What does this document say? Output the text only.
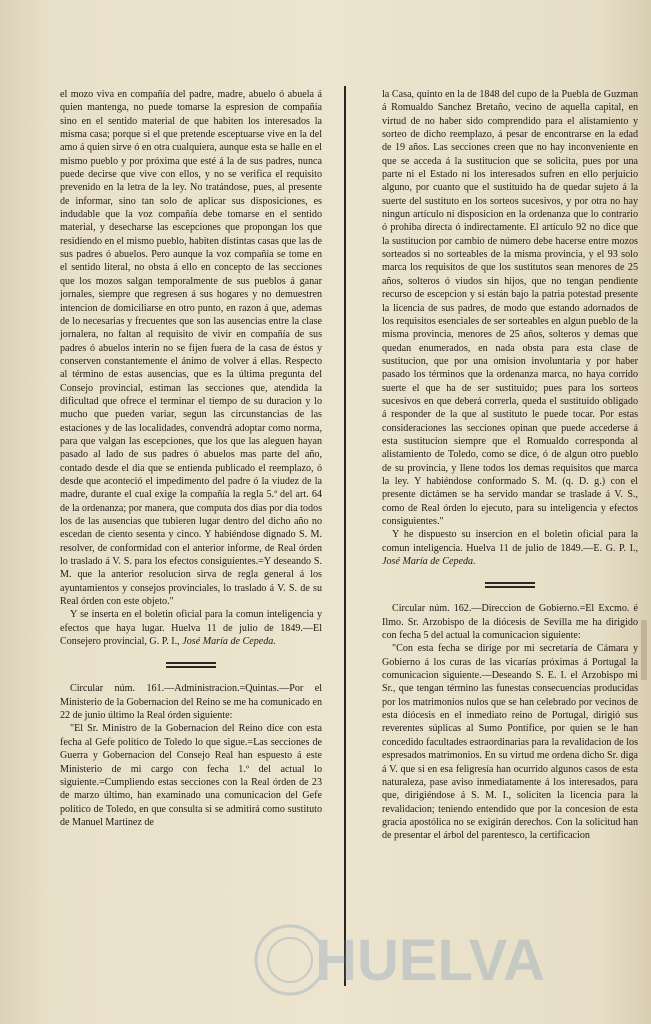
el mozo viva en compañía del padre, madre, abuelo ó abuela á quien mantenga, no puede tomarse la espresion de compañía sino en el sentido material de que habiten los interesados la misma casa; porque si el que pretende esceptuarse vive en la del amo á quien sirve ó en otra cualquiera, aunque esta se halle en el mismo pueblo y por próxima que esté á la de sus padres, nunca puede decirse que vive con ellos, y no se verifica el requisito prevenido en la letra de la ley. No tratándose, pues, al presente de informar, sino tan solo de aplicar sus disposiciones, es indudable que la voz compañía debe tomarse en el sentido material, y desecharse las escepciones que propongan los que residiendo en el mismo pueblo, habiten distintas casas que las de sus padres ó abuelos. Pero aunque la voz compañía se tome en el sentido literal, no obsta á ello en concepto de las secciones que los mozos salgan temporalmente de sus pueblos á ganar jornales, siempre que regresen á sus hogares y no demuestren intencion de domiciliarse en otro punto, en razon á que, ademas de lo necesarias y frecuentes que son las ausencias entre la clase jornalera, no faltan al requisito de vivir en compañía de sus padres ó abuelos interin no se fijen fuera de la casa de éstos y conserven constantemente el ánimo de volver á ellas. Respecto al término de estas ausencias, que es la última pregunta del Consejo provincial, estiman las secciones que, atendida la dificultad que ofrece el terminar el tiempo de su duracion y lo mucho que pueden variar, segun las circunstancias de las estaciones y de las localidades, convendrá adoptar como norma, para que valgan las escepciones, que los que las aleguen hayan pasado al lado de sus padres ó abuelos mas parte del año, contado desde el dia que se entienda publicado el reemplazo, ó desde que aconteció el impedimento del padre ó la viudez de la madre, durante el cual exige la compañía la regla 5.ª del art. 64 de la ordenanza; por manera, que computa dos dias por dia todos los de las ausencias que tubieren lugar dentro del dicho año no escedan de ciento sesenta y cinco. Y habiéndose dignado S. M. resolver, de conformidad con el anterior informe, de Real órden lo traslado á V. S. para los efectos consiguientes.=Y deseando S. M. que la anterior resolucion sirva de regla general á los ayuntamientos y consejos provinciales, lo traslado á V. S. de su Real órden con este objeto."

Y se inserta en el boletin oficial para la comun inteligencia y efectos que haya lugar. Huelva 11 de julio de 1849.—El Consejero provincial, G. P. I., José María de Cepeda.

Circular núm. 161.—Administracion.=Quintas.—Por el Ministerio de la Gobernacion del Reino se me ha comunicado en 22 de junio último la Real órden siguiente:

"El Sr. Ministro de la Gobernacion del Reino dice con esta fecha al Gefe político de Toledo lo que sigue.=Las secciones de Guerra y Gobernacion del Consejo Real han espuesto á este Ministerio de mi cargo con fecha 1.º del actual lo siguiente.=Cumpliendo estas secciones con la Real órden de 23 de marzo último, han examinado una comunicacion del Gefe político de Toledo, en que consulta si se admitirá como sustituto de Manuel Martinez de

la Casa, quinto en la de 1848 del cupo de la Puebla de Guzman á Romualdo Sanchez Bretaño, vecino de aquella capital, en virtud de no haber sido comprendido para el alistamiento y sorteo de dicho reemplazo, á pesar de encontrarse en la edad de 19 años. Las secciones creen que no hay inconveniente en que se acceda á la sustitucion que se solicita, pues por una parte ni el Estado ni los interesados sufren en ello perjuicio alguno, por cuanto que el sustituido ha de quedar sujeto á la suerte del sustituto en los sorteos sucesivos, y por otra no hay ningun artículo ni disposicion en la ordenanza que lo contrario ó prohiba directa ó indirectamente. El artículo 92 no dice que la sustitucion por cambio de número debe hacerse entre mozos sorteados si no sorteables de la misma provincia, y el 93 solo marca los requisitos de que los sustitutos sean menores de 25 años, solteros ó viudos sin hijos, que no tengan pendiente recurso de escepcion y si están bajo la patria potestad presente la licencia de sus padres, de modo que estando adornados de los requisitos esenciales de ser sorteables en algun pueblo de la misma provincia, menores de 25 años, solteros y demas que quedan enumerados, en nada obsta para esta clase de sustitucion, que por una omision involuntaria y por haber pasado los términos que la ordenanza marca, no haya corrido suerte el que ha de ser sustituido; pues para los sorteos sucesivos en que deberá correrla, queda el sustituido obligado á responder de la que al sustituto le puede tocar. Por estas consideraciones las secciones opinan que puede accederse á esta sustitucion siempre que el Romualdo corresponda al alistamiento de Toledo, como se dice, ó de algun otro pueblo de su provincia, y llene todos los demas requisitos que marca la ley. Y habiéndose conformado S. M. (q. D. g.) con el presente dictámen se ha servido mandar se traslade á V. S., como de Real órden lo ejecuto, para su inteligencia y efectos consiguientes."

Y he dispuesto su insercion en el boletin oficial para la comun inteligencia. Huelva 11 de julio de 1849.—E. G. P. I., José María de Cepeda.

Circular núm. 162.—Direccion de Gobierno.=El Excmo. é Ilmo. Sr. Arzobispo de la diócesis de Sevilla me ha dirigido con fecha 5 del actual la comunicacion siguiente:

"Con esta fecha se dirige por mi secretaría de Cámara y Gobierno á los curas de las vicarías próximas á Portugal la comunicacion siguiente.—Deseando S. E. I. el Arzobispo mi Sr., que tengan término las funestas consecuencias producidas por los matrimonios nulos que se han celebrado por vecinos de esta diócesis en el inmediato reino de Portugal, dirigió sus reverentes súplicas al Sumo Pontífice, por quien se le han concedido facultades estraordinarias para la revalidacion de los espresados matrimonios. En su virtud me ordena dicho Sr. diga á V. que si en esa feligresía han ocurrido algunos casos de esta naturaleza, pase aviso inmediatamente á los interesados, para que, dirigiéndose á S. M. I., soliciten la licencia para la revalidacion; teniendo entendido que por la concesion de esta gracia apostólica no se exigirán derechos. Con la solicitud han de presentar el árbol del parentesco, la certificacion

HUELVA
